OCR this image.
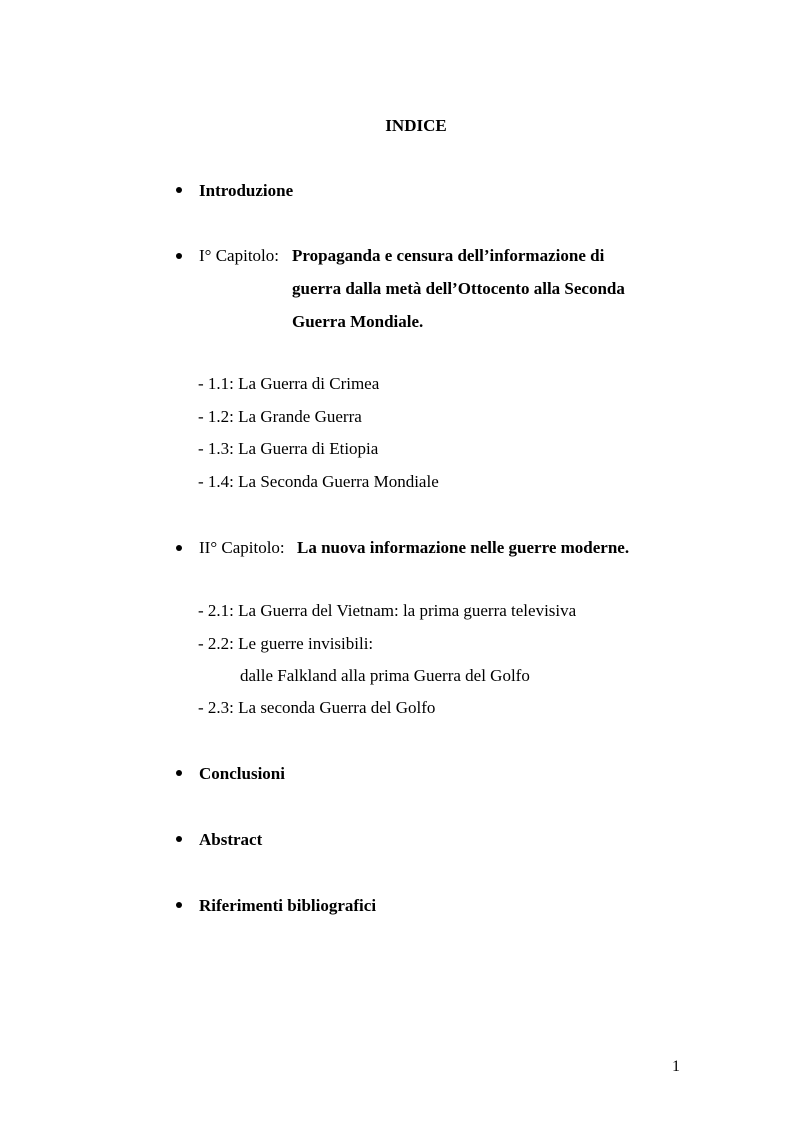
INDICE
Introduzione
I° Capitolo: Propaganda e censura dell’informazione di
guerra dalla metà dell’Ottocento alla Seconda
Guerra Mondiale.
- 1.1: La Guerra di Crimea
- 1.2: La Grande Guerra
- 1.3: La Guerra di Etiopia
- 1.4: La Seconda Guerra Mondiale
II° Capitolo: La nuova informazione nelle guerre moderne.
- 2.1: La Guerra del Vietnam: la prima guerra televisiva
- 2.2: Le guerre invisibili:
dalle Falkland alla prima Guerra del Golfo
- 2.3: La seconda Guerra del Golfo
Conclusioni
Abstract
Riferimenti bibliografici
1
